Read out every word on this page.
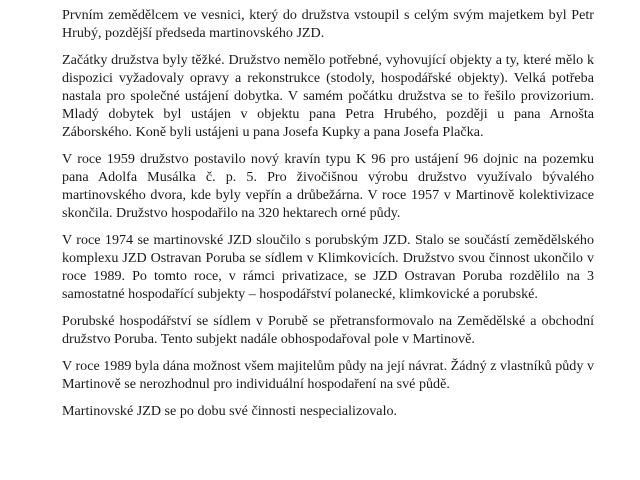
Prvním zemědělcem ve vesnici, který do družstva vstoupil s celým svým majetkem byl Petr Hrubý, pozdější předseda martinovského JZD.

Začátky družstva byly těžké. Družstvo nemělo potřebné, vyhovující objekty a ty, které mělo k dispozici vyžadovaly opravy a rekonstrukce (stodoly, hospodářské objekty). Velká potřeba nastala pro společné ustájení dobytka. V samém počátku družstva se to řešilo provizorium. Mladý dobytek byl ustájen v objektu pana Petra Hrubého, později u pana Arnošta Záborského. Koně byli ustájeni u pana Josefa Kupky a pana Josefa Plačka.

V roce 1959 družstvo postavilo nový kravín typu K 96 pro ustájení 96 dojnic na pozemku pana Adolfa Musálka č. p. 5. Pro živočišnou výrobu družstvo využívalo bývalého martinovského dvora, kde byly vepřín a drůbežárna. V roce 1957 v Martinově kolektivizace skončila. Družstvo hospodařilo na 320 hektarech orné půdy.

V roce 1974 se martinovské JZD sloučilo s porubským JZD. Stalo se součástí zemědělského komplexu JZD Ostravan Poruba se sídlem v Klimkovicích. Družstvo svou činnost ukončilo v roce 1989. Po tomto roce, v rámci privatizace, se JZD Ostravan Poruba rozdělilo na 3 samostatné hospodařící subjekty – hospodářství polanecké, klimkovické a porubské.

Porubské hospodářství se sídlem v Porubě se přetransformovalo na Zemědělské a obchodní družstvo Poruba. Tento subjekt nadále obhospodařoval pole v Martinově.

V roce 1989 byla dána možnost všem majitelům půdy na její návrat. Žádný z vlastníků půdy v Martinově se nerozhodnul pro individuální hospodaření na své půdě.

Martinovské JZD se po dobu své činnosti nespecializovalo.
